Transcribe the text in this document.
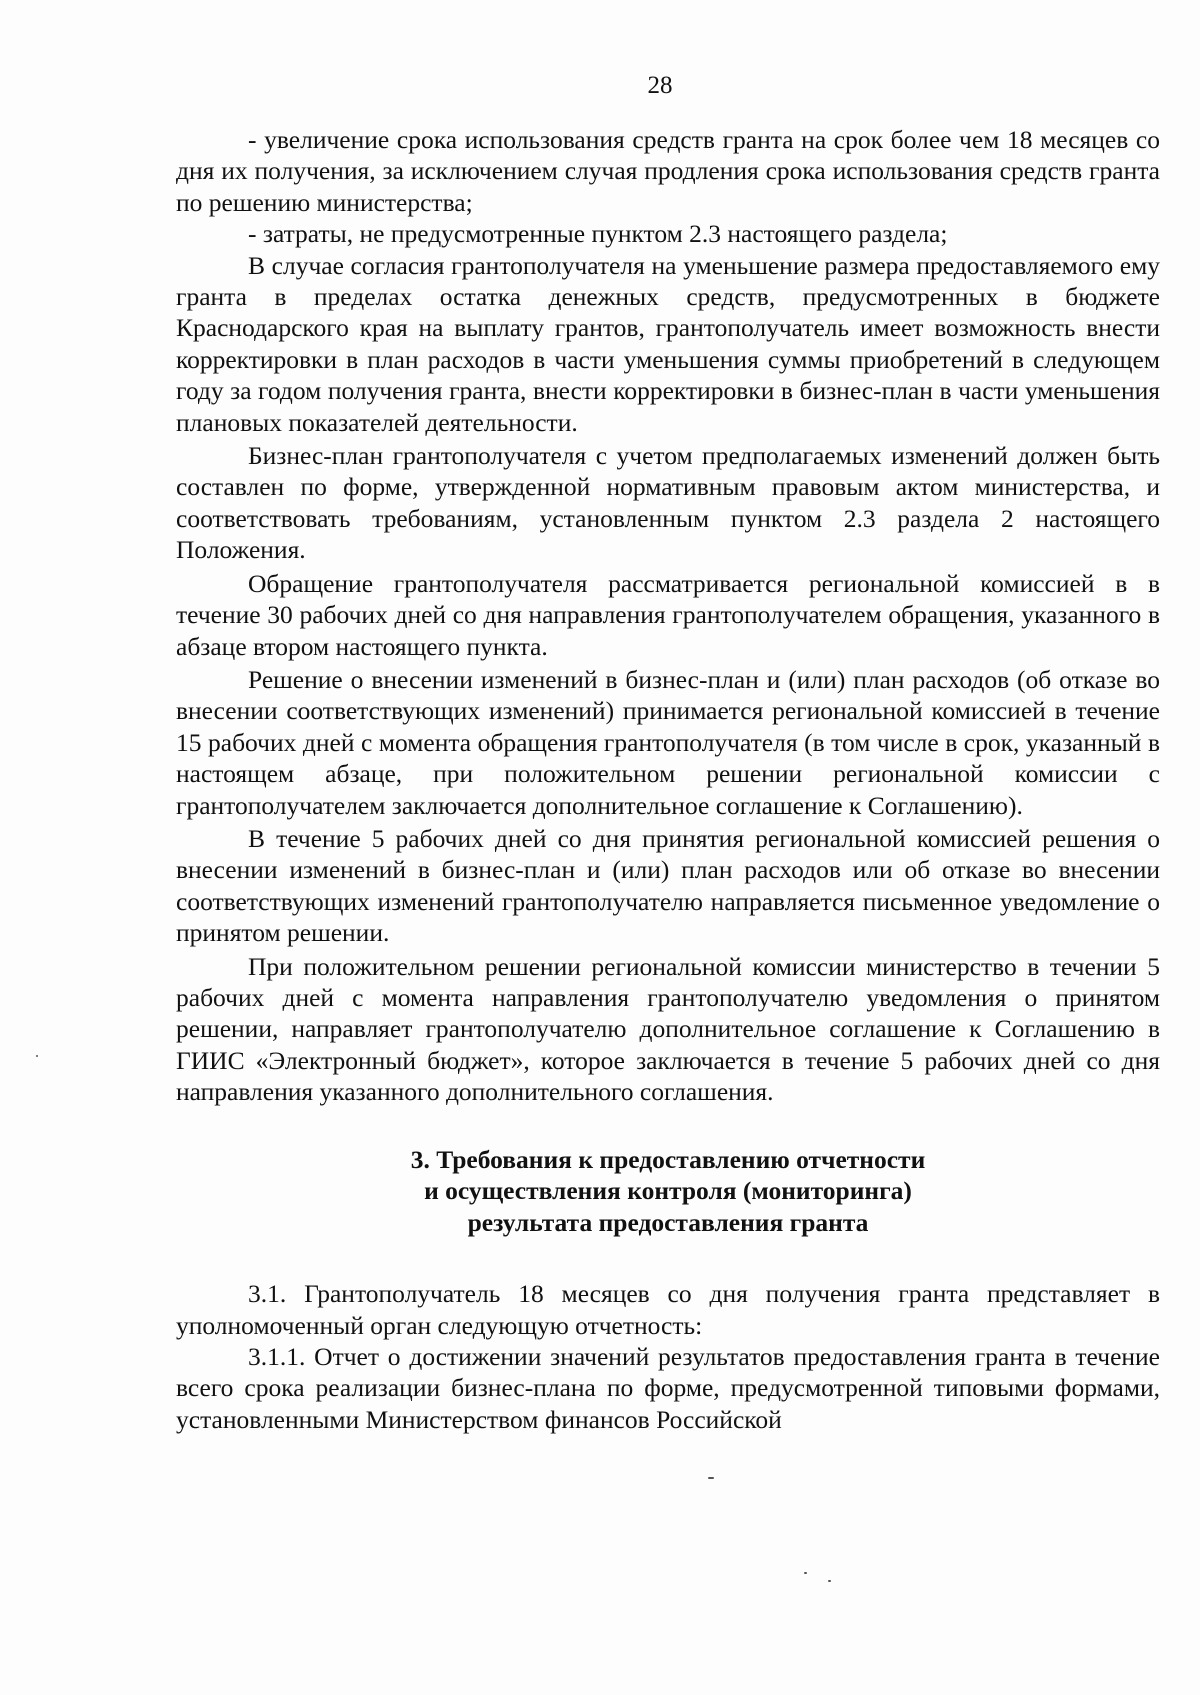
28

- увеличение срока использования средств гранта на срок более чем 18 месяцев со дня их получения, за исключением случая продления срока использования средств гранта по решению министерства;

- затраты, не предусмотренные пунктом 2.3 настоящего раздела;

В случае согласия грантополучателя на уменьшение размера предоставляемого ему гранта в пределах остатка денежных средств, предусмотренных в бюджете Краснодарского края на выплату грантов, грантополучатель имеет возможность внести корректировки в план расходов в части уменьшения суммы приобретений в следующем году за годом получения гранта, внести корректировки в бизнес-план в части уменьшения плановых показателей деятельности.

Бизнес-план грантополучателя с учетом предполагаемых изменений должен быть составлен по форме, утвержденной нормативным правовым актом министерства, и соответствовать требованиям, установленным пунктом 2.3 раздела 2 настоящего Положения.

Обращение грантополучателя рассматривается региональной комиссией в в течение 30 рабочих дней со дня направления грантополучателем обращения, указанного в абзаце втором настоящего пункта.

Решение о внесении изменений в бизнес-план и (или) план расходов (об отказе во внесении соответствующих изменений) принимается региональной комиссией в течение 15 рабочих дней с момента обращения грантополучателя (в том числе в срок, указанный в настоящем абзаце, при положительном решении региональной комиссии с грантополучателем заключается дополнительное соглашение к Соглашению).

В течение 5 рабочих дней со дня принятия региональной комиссией решения о внесении изменений в бизнес-план и (или) план расходов или об отказе во внесении соответствующих изменений грантополучателю направляется письменное уведомление о принятом решении.

При положительном решении региональной комиссии министерство в течении 5 рабочих дней с момента направления грантополучателю уведомления о принятом решении, направляет грантополучателю дополнительное соглашение к Соглашению в ГИИС «Электронный бюджет», которое заключается в течение 5 рабочих дней со дня направления указанного дополнительного соглашения.

3. Требования к предоставлению отчетности
и осуществления контроля (мониторинга)
результата предоставления гранта

3.1. Грантополучатель 18 месяцев со дня получения гранта представляет в уполномоченный орган следующую отчетность:

3.1.1. Отчет о достижении значений результатов предоставления гранта в течение всего срока реализации бизнес-плана по форме, предусмотренной типовыми формами, установленными Министерством финансов Российской
